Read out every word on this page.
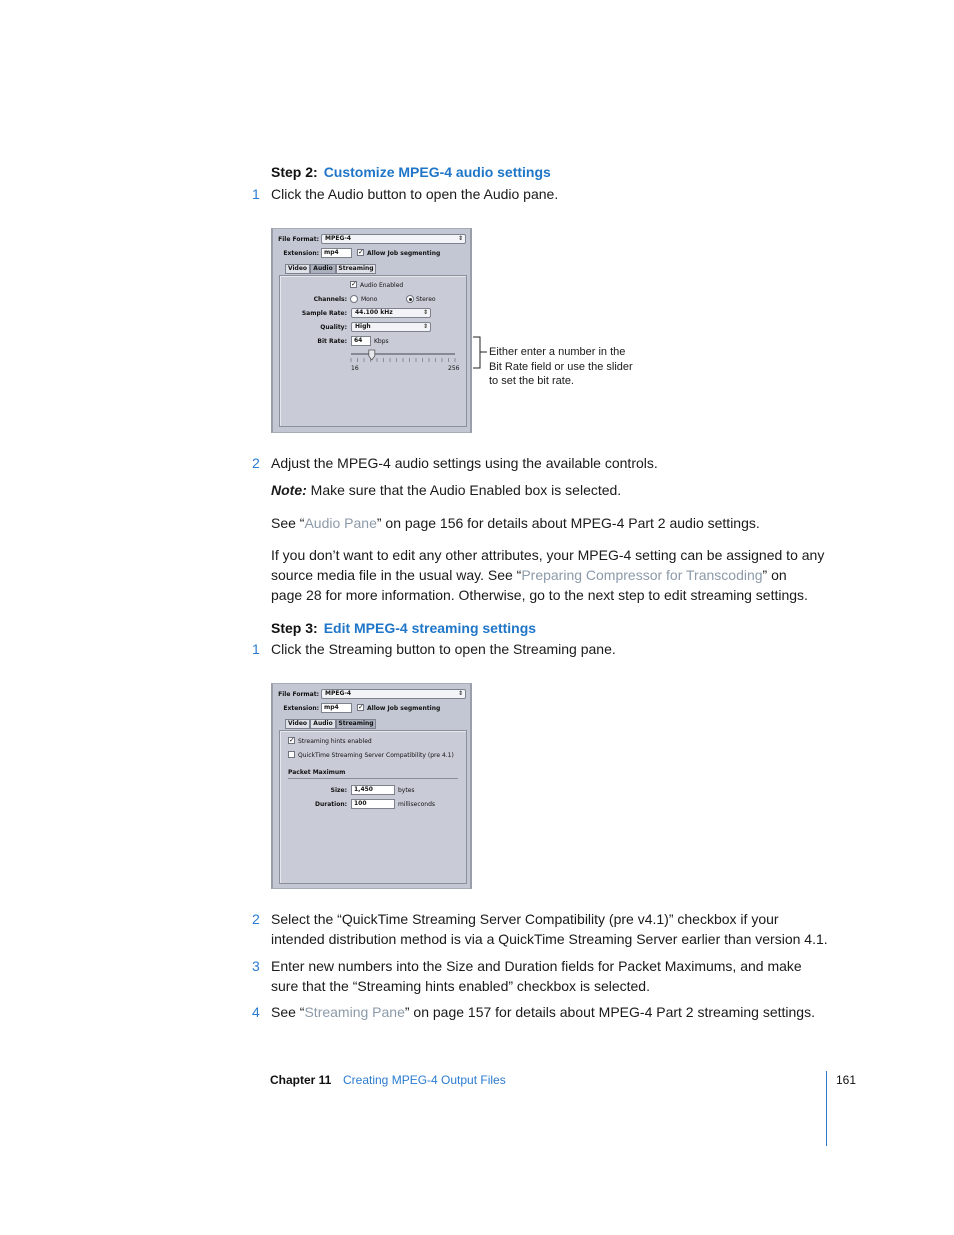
Step 2: Customize MPEG-4 audio settings
1 Click the Audio button to open the Audio pane.
File Format:	MPEG-4	⇕
Extension: mp4	✓ Allow Job segmenting
Video	Audio Streaming
✓ Audio Enabled
Channels: Mono	Stereo
Sample Rate:	44.100 kHz	⇕
Quality:	High	⇕
Bit Rate:	64	Kbps
16	256
Either enter a number in the
Bit Rate field or use the slider
to set the bit rate.
2 Adjust the MPEG-4 audio settings using the available controls.
Note: Make sure that the Audio Enabled box is selected.
See “Audio Pane” on page 156 for details about MPEG-4 Part 2 audio settings.
If you don’t want to edit any other attributes, your MPEG-4 setting can be assigned to any
source media file in the usual way. See “Preparing Compressor for Transcoding” on
page 28 for more information. Otherwise, go to the next step to edit streaming settings.
Step 3: Edit MPEG-4 streaming settings
1 Click the Streaming button to open the Streaming pane.
File Format:	MPEG-4	⇕
Extension: mp4	✓ Allow Job segmenting
Video	Audio Streaming
✓ Streaming hints enabled
QuickTime Streaming Server Compatibility (pre 4.1)
Packet Maximum
Size:	1,450	bytes
Duration:	100	milliseconds
2 Select the “QuickTime Streaming Server Compatibility (pre v4.1)” checkbox if your
intended distribution method is via a QuickTime Streaming Server earlier than version 4.1.
3 Enter new numbers into the Size and Duration fields for Packet Maximums, and make
sure that the “Streaming hints enabled” checkbox is selected.
4 See “Streaming Pane” on page 157 for details about MPEG-4 Part 2 streaming settings.
Chapter 11 Creating MPEG-4 Output Files	161
